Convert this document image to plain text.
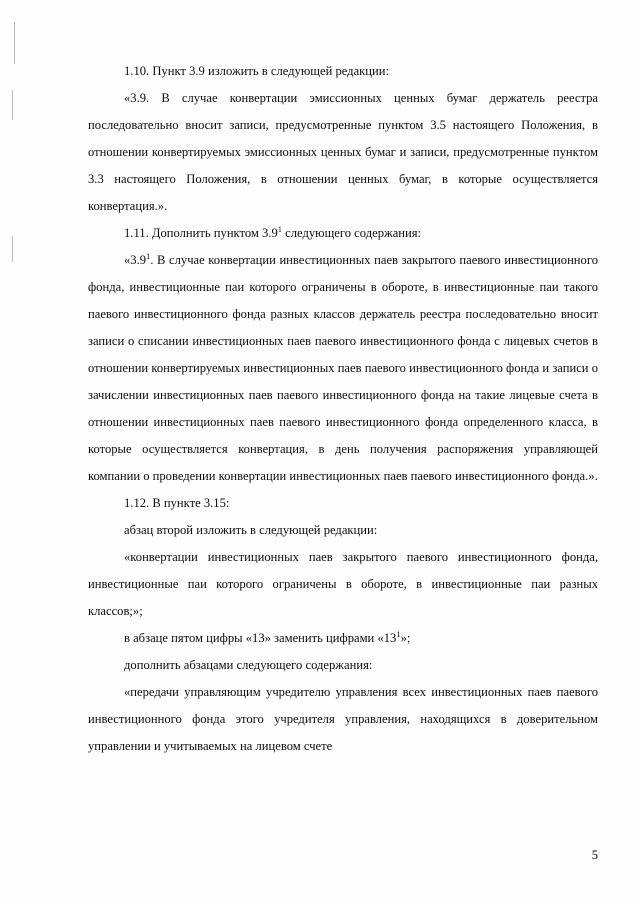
1.10. Пункт 3.9 изложить в следующей редакции:

«3.9. В случае конвертации эмиссионных ценных бумаг держатель реестра последовательно вносит записи, предусмотренные пунктом 3.5 настоящего Положения, в отношении конвертируемых эмиссионных ценных бумаг и записи, предусмотренные пунктом 3.3 настоящего Положения, в отношении ценных бумаг, в которые осуществляется конвертация.».

1.11. Дополнить пунктом $3.9^1$ следующего содержания:

«$3.9^1$. В случае конвертации инвестиционных паев закрытого паевого инвестиционного фонда, инвестиционные паи которого ограничены в обороте, в инвестиционные паи такого паевого инвестиционного фонда разных классов держатель реестра последовательно вносит записи о списании инвестиционных паев паевого инвестиционного фонда с лицевых счетов в отношении конвертируемых инвестиционных паев паевого инвестиционного фонда и записи о зачислении инвестиционных паев паевого инвестиционного фонда на такие лицевые счета в отношении инвестиционных паев паевого инвестиционного фонда определенного класса, в которые осуществляется конвертация, в день получения распоряжения управляющей компании о проведении конвертации инвестиционных паев паевого инвестиционного фонда.».

1.12. В пункте 3.15:

абзац второй изложить в следующей редакции:

«конвертации инвестиционных паев закрытого паевого инвестиционного фонда, инвестиционные паи которого ограничены в обороте, в инвестиционные паи разных классов;»;

в абзаце пятом цифры «13» заменить цифрами «$13^1$»;

дополнить абзацами следующего содержания:

«передачи управляющим учредителю управления всех инвестиционных паев паевого инвестиционного фонда этого учредителя управления, находящихся в доверительном управлении и учитываемых на лицевом счете

5
